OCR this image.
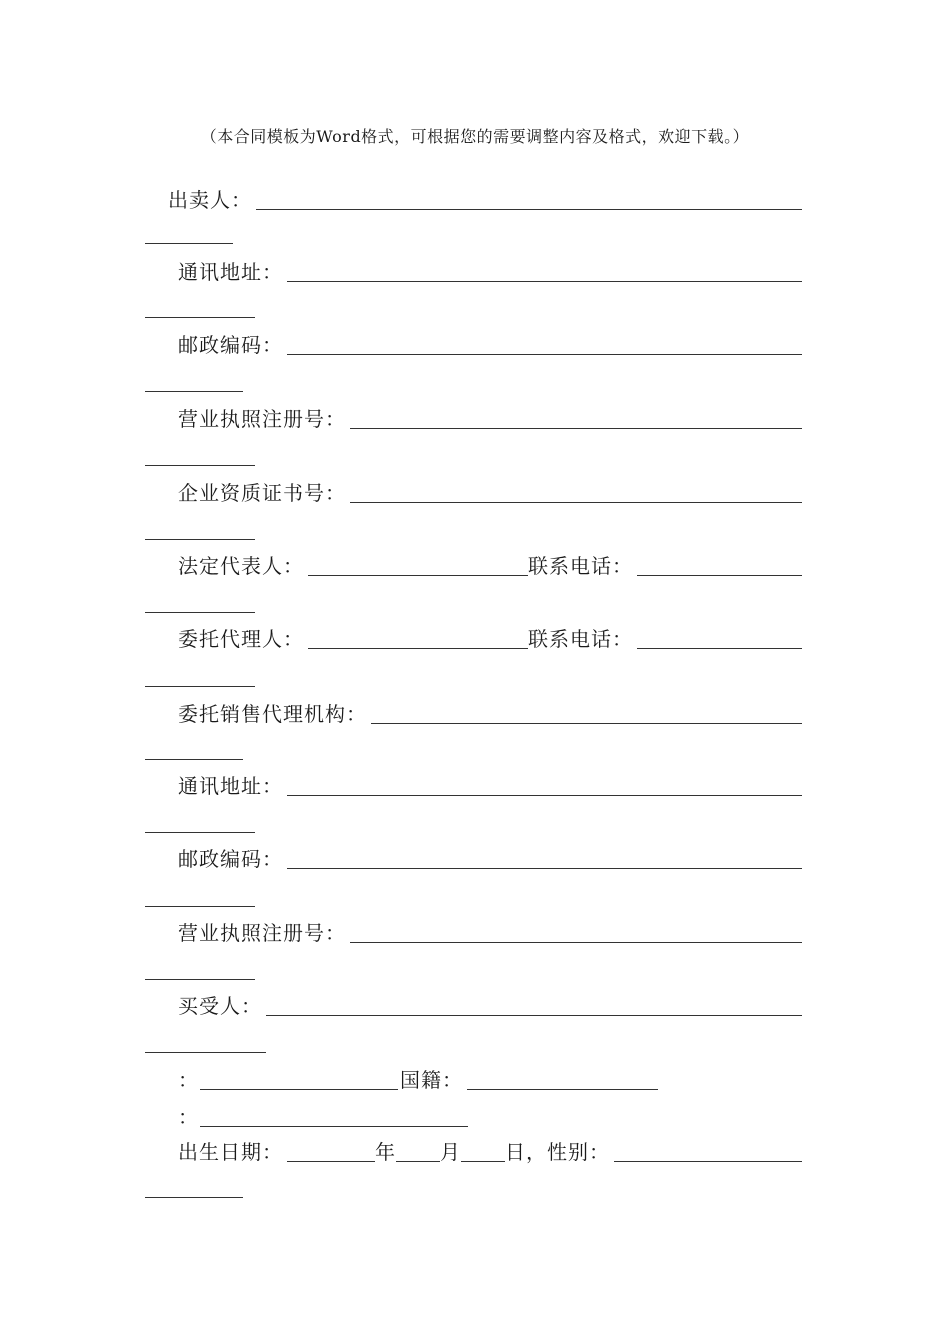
（本合同模板为Word格式，可根据您的需要调整内容及格式，欢迎下载。）
出卖人：
通讯地址：
邮政编码：
营业执照注册号：
企业资质证书号：
法定代表人：	联系电话：
委托代理人：	联系电话：
委托销售代理机构：
通讯地址：
邮政编码：
营业执照注册号：
买受人：
：	国籍：
：
出生日期：	年 月 日，性别：
